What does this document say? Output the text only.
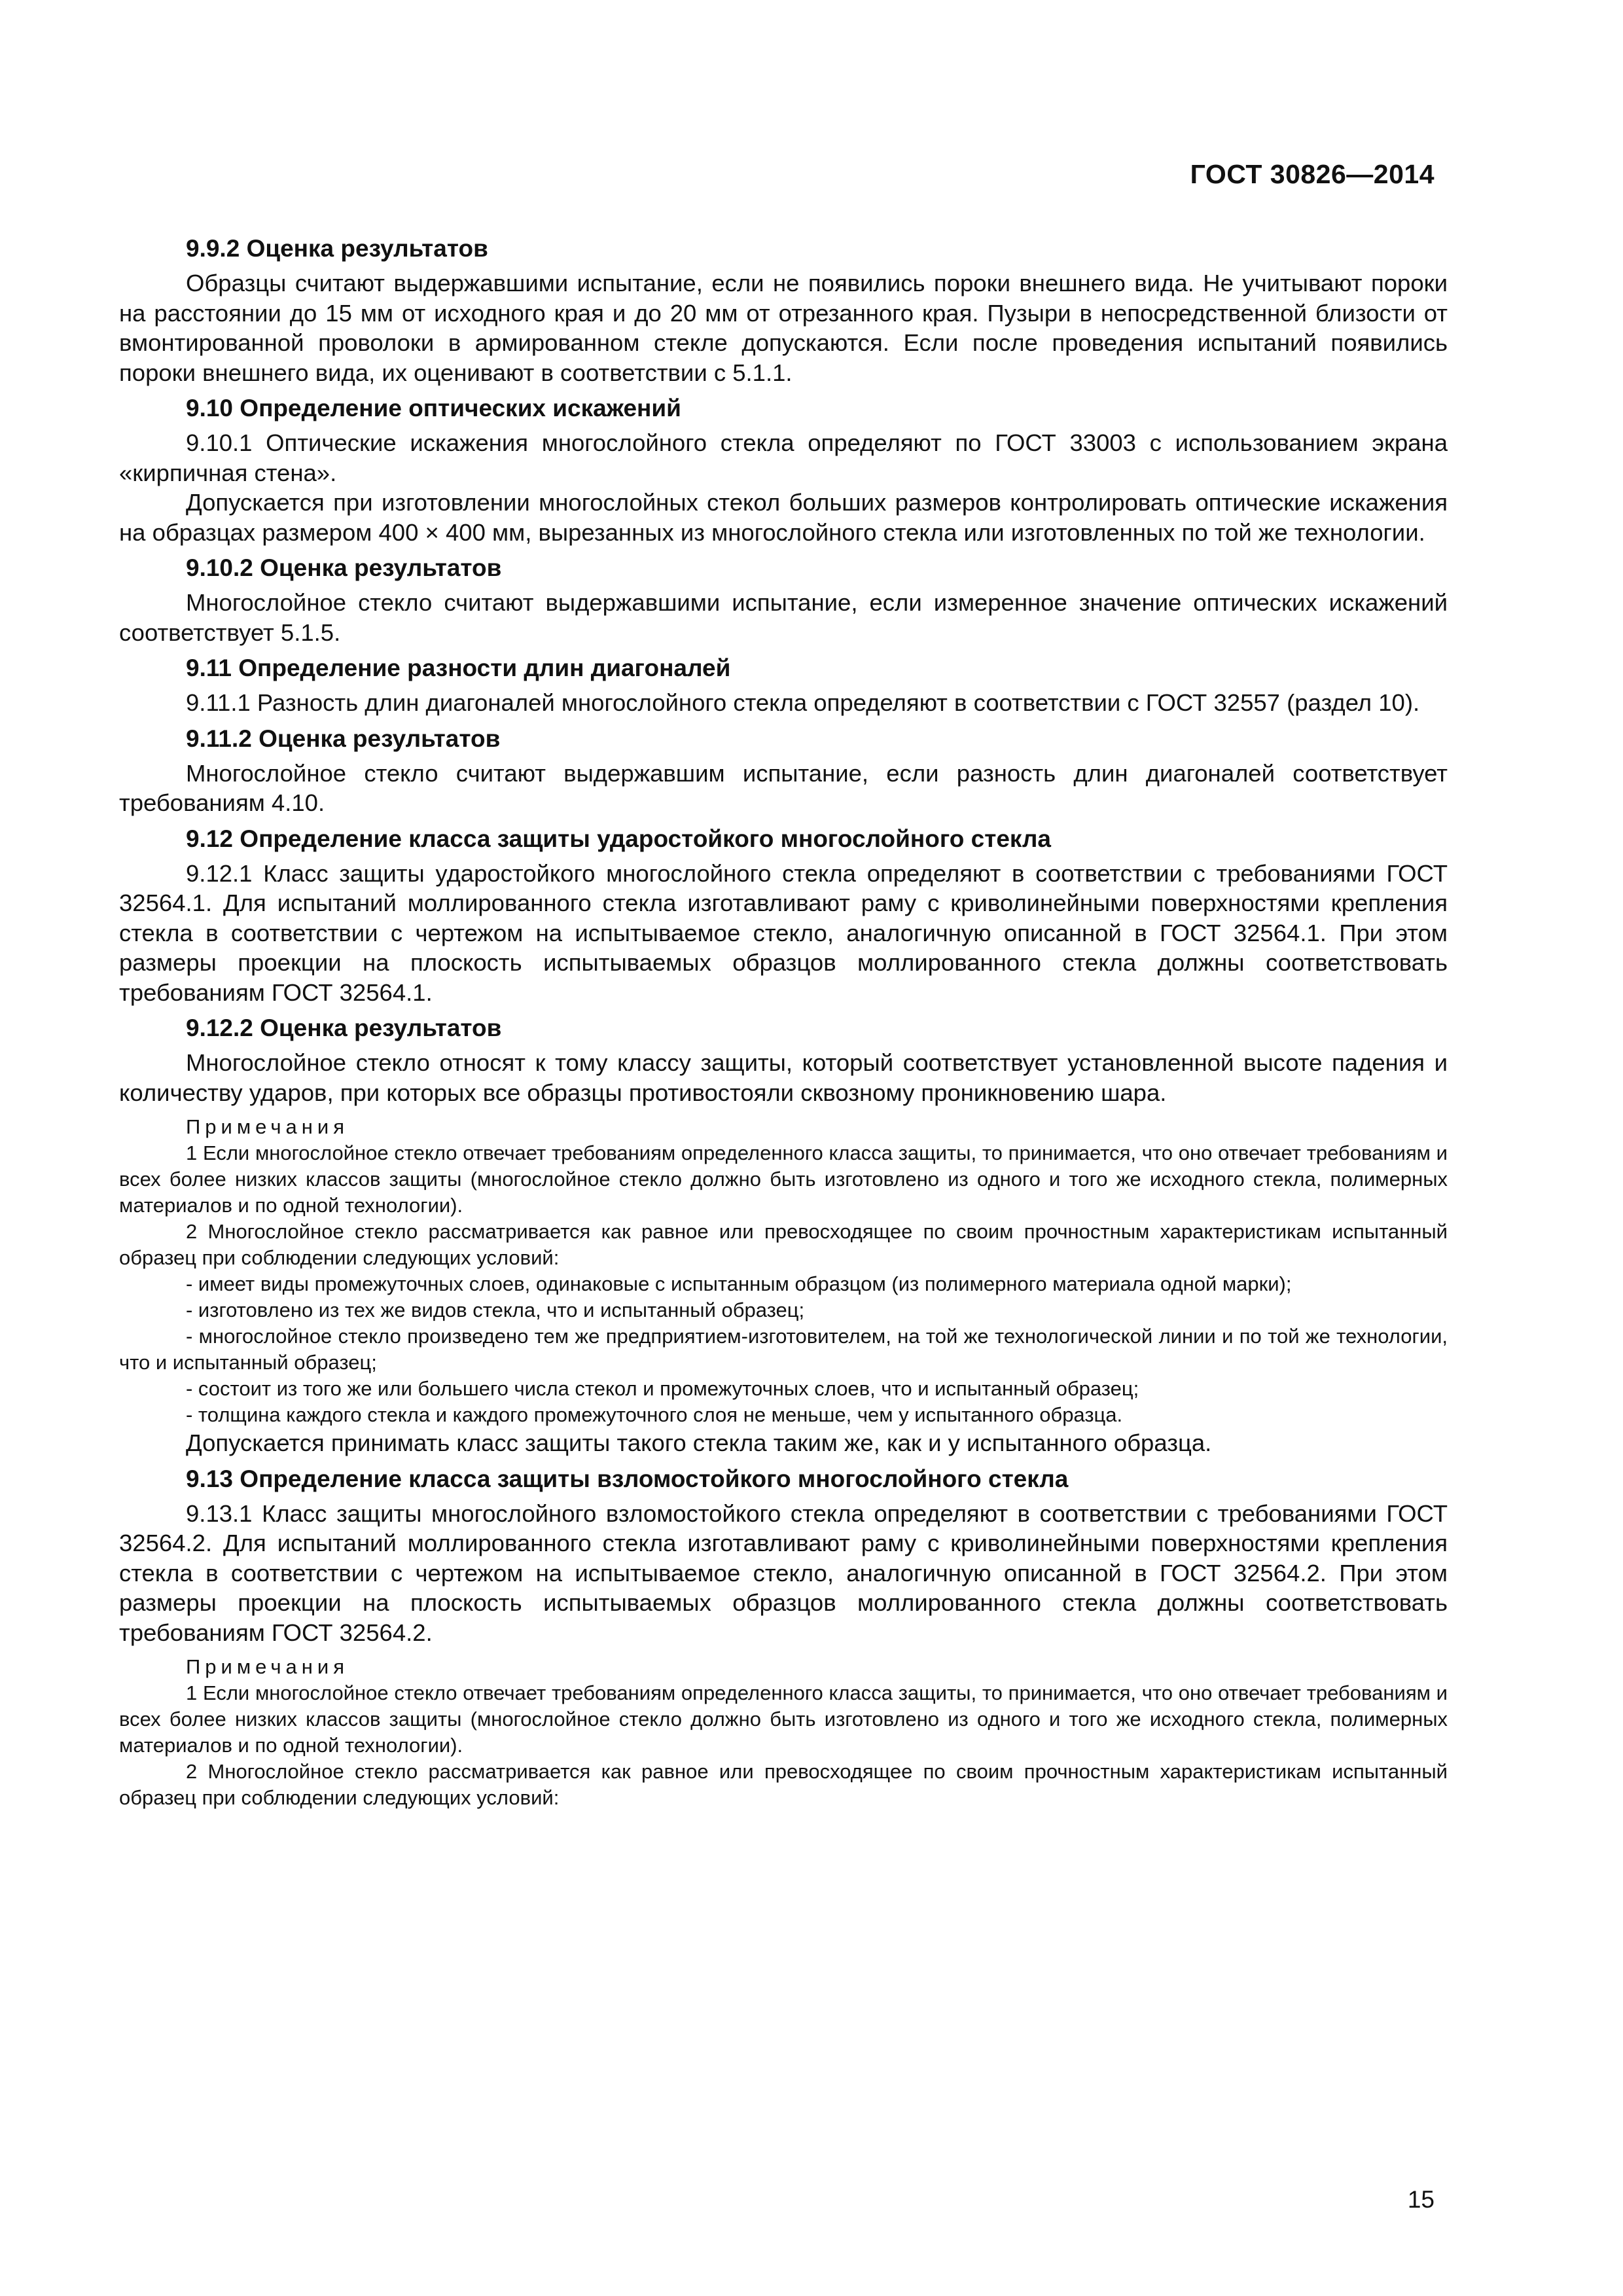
ГОСТ 30826—2014
9.9.2 Оценка результатов

Образцы считают выдержавшими испытание, если не появились пороки внешнего вида. Не учитывают пороки на расстоянии до 15 мм от исходного края и до 20 мм от отрезанного края. Пузыри в непосредственной близости от вмонтированной проволоки в армированном стекле допускаются. Если после проведения испытаний появились пороки внешнего вида, их оценивают в соответствии с 5.1.1.

9.10 Определение оптических искажений

9.10.1 Оптические искажения многослойного стекла определяют по ГОСТ 33003 с использованием экрана «кирпичная стена».

Допускается при изготовлении многослойных стекол больших размеров контролировать оптические искажения на образцах размером 400 × 400 мм, вырезанных из многослойного стекла или изготовленных по той же технологии.

9.10.2 Оценка результатов

Многослойное стекло считают выдержавшими испытание, если измеренное значение оптических искажений соответствует 5.1.5.

9.11 Определение разности длин диагоналей

9.11.1 Разность длин диагоналей многослойного стекла определяют в соответствии с ГОСТ 32557 (раздел 10).

9.11.2 Оценка результатов

Многослойное стекло считают выдержавшим испытание, если разность длин диагоналей соответствует требованиям 4.10.

9.12 Определение класса защиты ударостойкого многослойного стекла

9.12.1 Класс защиты ударостойкого многослойного стекла определяют в соответствии с требованиями ГОСТ 32564.1. Для испытаний моллированного стекла изготавливают раму с криволинейными поверхностями крепления стекла в соответствии с чертежом на испытываемое стекло, аналогичную описанной в ГОСТ 32564.1. При этом размеры проекции на плоскость испытываемых образцов моллированного стекла должны соответствовать требованиям ГОСТ 32564.1.

9.12.2 Оценка результатов

Многослойное стекло относят к тому классу защиты, который соответствует установленной высоте падения и количеству ударов, при которых все образцы противостояли сквозному проникновению шара.

Примечания

1 Если многослойное стекло отвечает требованиям определенного класса защиты, то принимается, что оно отвечает требованиям и всех более низких классов защиты (многослойное стекло должно быть изготовлено из одного и того же исходного стекла, полимерных материалов и по одной технологии).

2 Многослойное стекло рассматривается как равное или превосходящее по своим прочностным характеристикам испытанный образец при соблюдении следующих условий:

- имеет виды промежуточных слоев, одинаковые с испытанным образцом (из полимерного материала одной марки);

- изготовлено из тех же видов стекла, что и испытанный образец;

- многослойное стекло произведено тем же предприятием-изготовителем, на той же технологической линии и по той же технологии, что и испытанный образец;

- состоит из того же или большего числа стекол и промежуточных слоев, что и испытанный образец;

- толщина каждого стекла и каждого промежуточного слоя не меньше, чем у испытанного образца.

Допускается принимать класс защиты такого стекла таким же, как и у испытанного образца.

9.13 Определение класса защиты взломостойкого многослойного стекла

9.13.1 Класс защиты многослойного взломостойкого стекла определяют в соответствии с требованиями ГОСТ 32564.2. Для испытаний моллированного стекла изготавливают раму с криволинейными поверхностями крепления стекла в соответствии с чертежом на испытываемое стекло, аналогичную описанной в ГОСТ 32564.2. При этом размеры проекции на плоскость испытываемых образцов моллированного стекла должны соответствовать требованиям ГОСТ 32564.2.

Примечания

1 Если многослойное стекло отвечает требованиям определенного класса защиты, то принимается, что оно отвечает требованиям и всех более низких классов защиты (многослойное стекло должно быть изготовлено из одного и того же исходного стекла, полимерных материалов и по одной технологии).

2 Многослойное стекло рассматривается как равное или превосходящее по своим прочностным характеристикам испытанный образец при соблюдении следующих условий:

15
